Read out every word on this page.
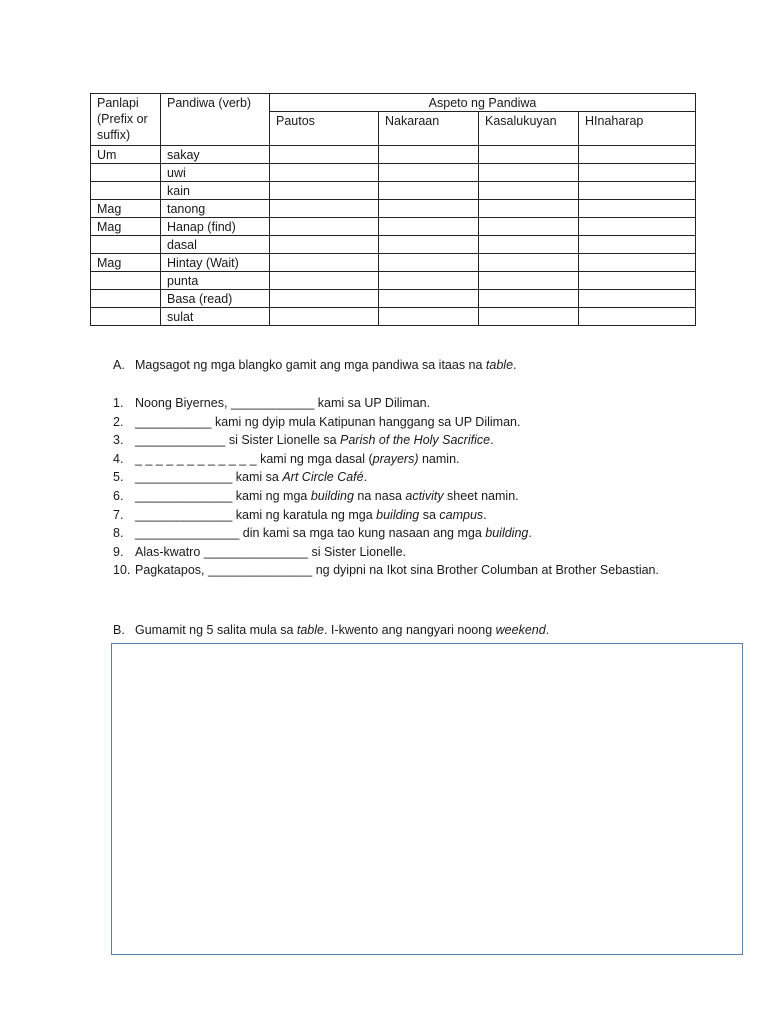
Panlapi (Prefix or suffix)	Pandiwa (verb)	Aspeto ng Pandiwa			
		Pautos	Nakaraan	Kasalukuyan	HInaharap
Um	sakay				
	uwi				
	kain				
Mag	tanong				
Mag	Hanap (find)				
	dasal				
Mag	Hintay (Wait)				
	punta				
	Basa (read)				
	sulat				
A. Magsagot ng mga blangko gamit ang mga pandiwa sa itaas na table.
1. Noong Biyernes, ____________ kami sa UP Diliman.
2. ___________ kami ng dyip mula Katipunan hanggang sa UP Diliman.
3. _____________ si Sister Lionelle sa Parish of the Holy Sacrifice.
4. _ _ _ _ _ _ _ _ _ _ _ _ kami ng mga dasal (prayers) namin.
5. ______________ kami sa Art Circle Café.
6. ______________ kami ng mga building na nasa activity sheet namin.
7. ______________ kami ng karatula ng mga building sa campus.
8. _______________ din kami sa mga tao kung nasaan ang mga building.
9. Alas-kwatro _______________ si Sister Lionelle.
10. Pagkatapos, _______________ ng dyipni na Ikot sina Brother Columban at Brother Sebastian.
B. Gumamit ng 5 salita mula sa table. I-kwento ang nangyari noong weekend.
